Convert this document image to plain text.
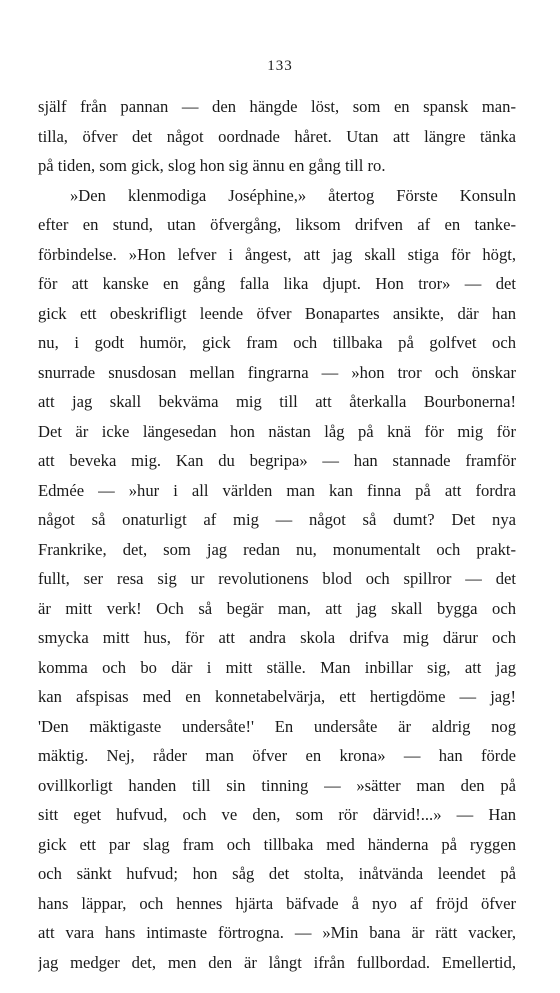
133
själf från pannan — den hängde löst, som en spansk man-
tilla, öfver det något oordnade håret. Utan att längre tänka
på tiden, som gick, slog hon sig ännu en gång till ro.
»Den klenmodiga Joséphine,» återtog Förste Konsuln
efter en stund, utan öfvergång, liksom drifven af en tanke-
förbindelse. »Hon lefver i ångest, att jag skall stiga för högt,
för att kanske en gång falla lika djupt. Hon tror» — det
gick ett obeskrifligt leende öfver Bonapartes ansikte, där han
nu, i godt humör, gick fram och tillbaka på golfvet och
snurrade snusdosan mellan fingrarna — »hon tror och önskar
att jag skall bekväma mig till att återkalla Bourbonerna!
Det är icke längesedan hon nästan låg på knä för mig för
att beveka mig. Kan du begripa» — han stannade framför
Edmée — »hur i all världen man kan finna på att fordra
något så onaturligt af mig — något så dumt? Det nya
Frankrike, det, som jag redan nu, monumentalt och prakt-
fullt, ser resa sig ur revolutionens blod och spillror — det
är mitt verk! Och så begär man, att jag skall bygga och
smycka mitt hus, för att andra skola drifva mig därur och
komma och bo där i mitt ställe. Man inbillar sig, att jag
kan afspisas med en konnetabelvärja, ett hertigdöme — jag!
'Den mäktigaste undersåte!' En undersåte är aldrig nog
mäktig. Nej, råder man öfver en krona» — han förde
ovillkorligt handen till sin tinning — »sätter man den på
sitt eget hufvud, och ve den, som rör därvid!...» — Han
gick ett par slag fram och tillbaka med händerna på ryggen
och sänkt hufvud; hon såg det stolta, inåtvända leendet på
hans läppar, och hennes hjärta bäfvade å nyo af fröjd öfver
att vara hans intimaste förtrogna. — »Min bana är rätt vacker,
jag medger det, men den är långt ifrån fullbordad. Emellertid,
